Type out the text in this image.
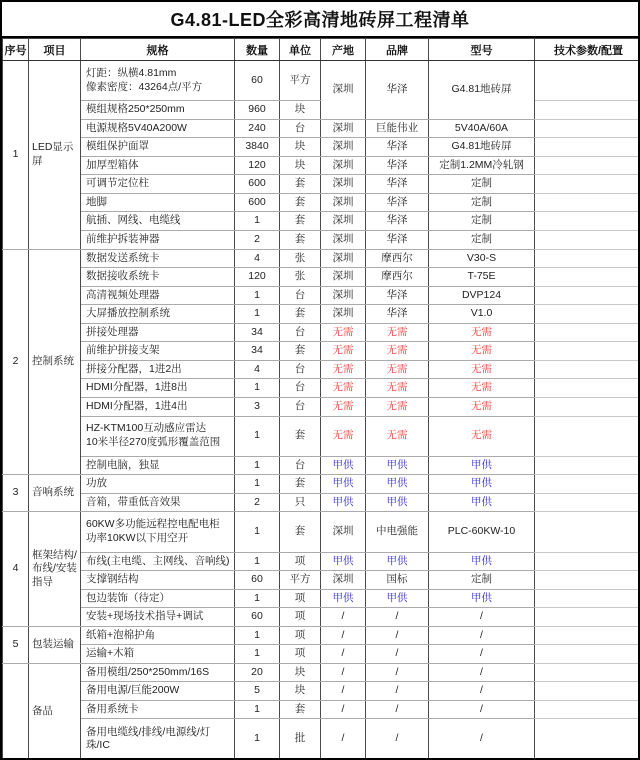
G4.81-LED全彩高清地砖屏工程清单
序号	项目	规格	数量	单位	产地	品牌	型号	技术参数/配置
1	LED显示屏	灯距：纵横4.81mm
像素密度：43264点/平方	60	平方	深圳	华泽	G4.81地砖屏	

		模组规格250*250mm	960	块				

		电源规格5V40A200W	240	台	深圳	巨能伟业	5V40A/60A	

		模组保护面罩	3840	块	深圳	华泽	G4.81地砖屏	

		加厚型箱体	120	块	深圳	华泽	定制1.2MM冷轧钢	

		可调节定位柱	600	套	深圳	华泽	定制	

		地脚	600	套	深圳	华泽	定制	

		航插、网线、电缆线	1	套	深圳	华泽	定制	

		前维护拆装神器	2	套	深圳	华泽	定制	
2	控制系统	数据发送系统卡	4	张	深圳	摩西尔	V30-S	

		数据接收系统卡	120	张	深圳	摩西尔	T-75E	

		高清视频处理器	1	台	深圳	华泽	DVP124	

		大屏播放控制系统	1	套	深圳	华泽	V1.0	

		拼接处理器	34	台	无需	无需	无需	

		前维护拼接支架	34	套	无需	无需	无需	

		拼接分配器，1进2出	4	台	无需	无需	无需	

		HDMI分配器，1进8出	1	台	无需	无需	无需	

		HDMI分配器，1进4出	3	台	无需	无需	无需	

		HZ-KTM100互动感应雷达
10米半径270度弧形覆盖范围	1	套	无需	无需	无需	

		控制电脑，独显	1	台	甲供	甲供	甲供	
3	音响系统	功放	1	套	甲供	甲供	甲供	

		音箱，带重低音效果	2	只	甲供	甲供	甲供	
4	框架结构/布线/安装指导	60KW多功能远程控电配电柜
功率10KW以下用空开	1	套	深圳	中电强能	PLC-60KW-10	

		布线(主电缆、主网线、音响线)	1	项	甲供	甲供	甲供	

		支撑钢结构	60	平方	深圳	国标	定制	

		包边装饰（待定）	1	项	甲供	甲供	甲供	

		安装+现场技术指导+调试	60	项	/	/	/	
5	包装运输	纸箱+泡棉护角	1	项	/	/	/	

		运输+木箱	1	项	/	/	/	
	备品	备用模组/250*250mm/16S	20	块	/	/	/	

		备用电源/巨能200W	5	块	/	/	/	

		备用系统卡	1	套	/	/	/	

		备用电缆线/排线/电源线/灯珠/IC	1	批	/	/	/	
